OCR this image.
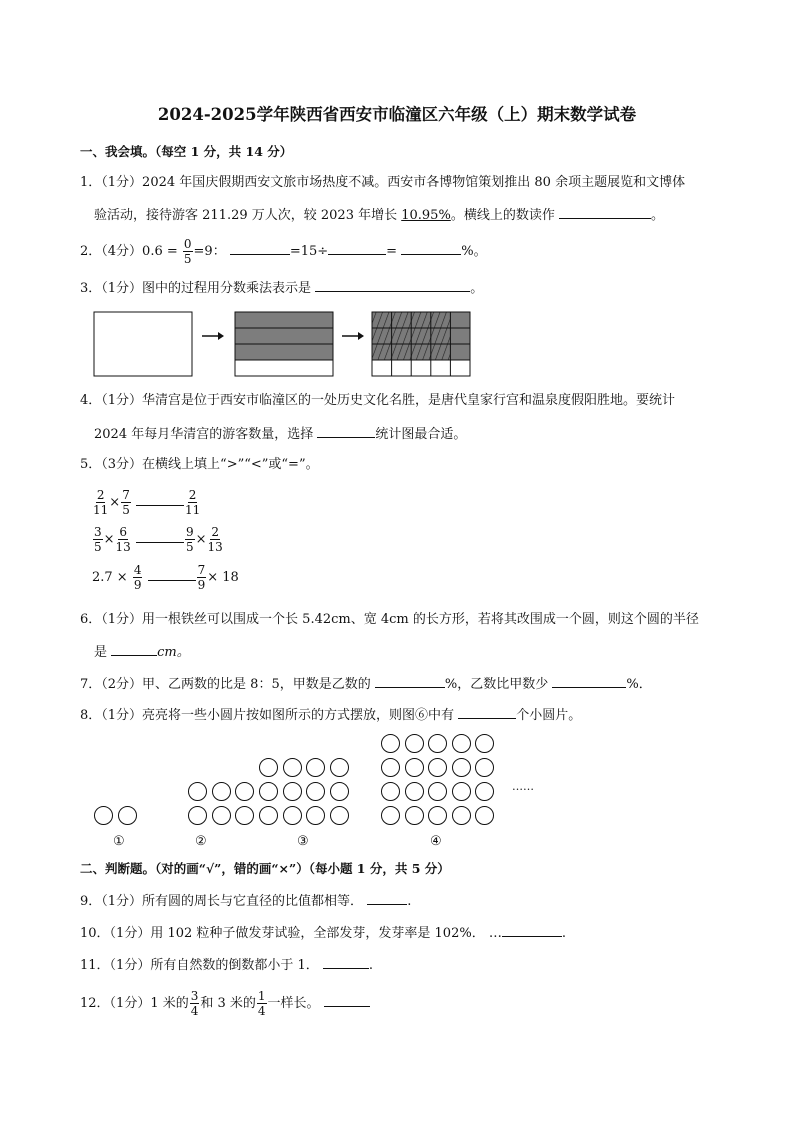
2024-2025学年陕西省西安市临潼区六年级（上）期末数学试卷
一、我会填。（每空 1 分，共 14 分）
1．（1分）2024 年国庆假期西安文旅市场热度不减。西安市各博物馆策划推出 80 余项主题展览和文博体
验活动，接待游客 211.29 万人次，较 2023 年增长 10.95%。横线上的数读作	。
2．（4分）$0.6 = \frac{0}{5} =9$：	=15÷	=	%。
3．（1分）图中的过程用分数乘法表示是	。
4．（1分）华清宫是位于西安市临潼区的一处历史文化名胜，是唐代皇家行宫和温泉度假阳胜地。要统计
2024 年每月华清宫的游客数量，选择	统计图最合适。
5．（3分）在横线上填上“>”“<”或“=”。
$\frac{2}{11} \times \frac{7}{5}$
	$\frac{2}{11}$
$\frac{3}{5} \times \frac{6}{13}$
	$\frac{9}{5} \times \frac{2}{13}$
$2.7 \times \frac{4}{9}$
	$\frac{7}{9} \times 18$
6．（1分）用一根铁丝可以围成一个长 5.42cm、宽 4cm 的长方形，若将其改围成一个圆，则这个圆的半径
是	cm。
7．（2分）甲、乙两数的比是 8：5，甲数是乙数的	%，乙数比甲数少	%．
8．（1分）亮亮将一些小圆片按如图所示的方式摆放，则图⑥中有	个小圆片。
①	②	③	④
……
二、判断题。（对的画“√”，错的画“×”）（每小题 1 分，共 5 分）
9．（1分）所有圆的周长与它直径的比值都相等．	.
10．（1分）用 102 粒种子做发芽试验，全部发芽，发芽率是 102%． …	.
11．（1分）所有自然数的倒数都小于 1．	.
12．（1分）1 米的 $\frac{3}{4}$ 和 3 米的 $\frac{1}{4}$ 一样长。
